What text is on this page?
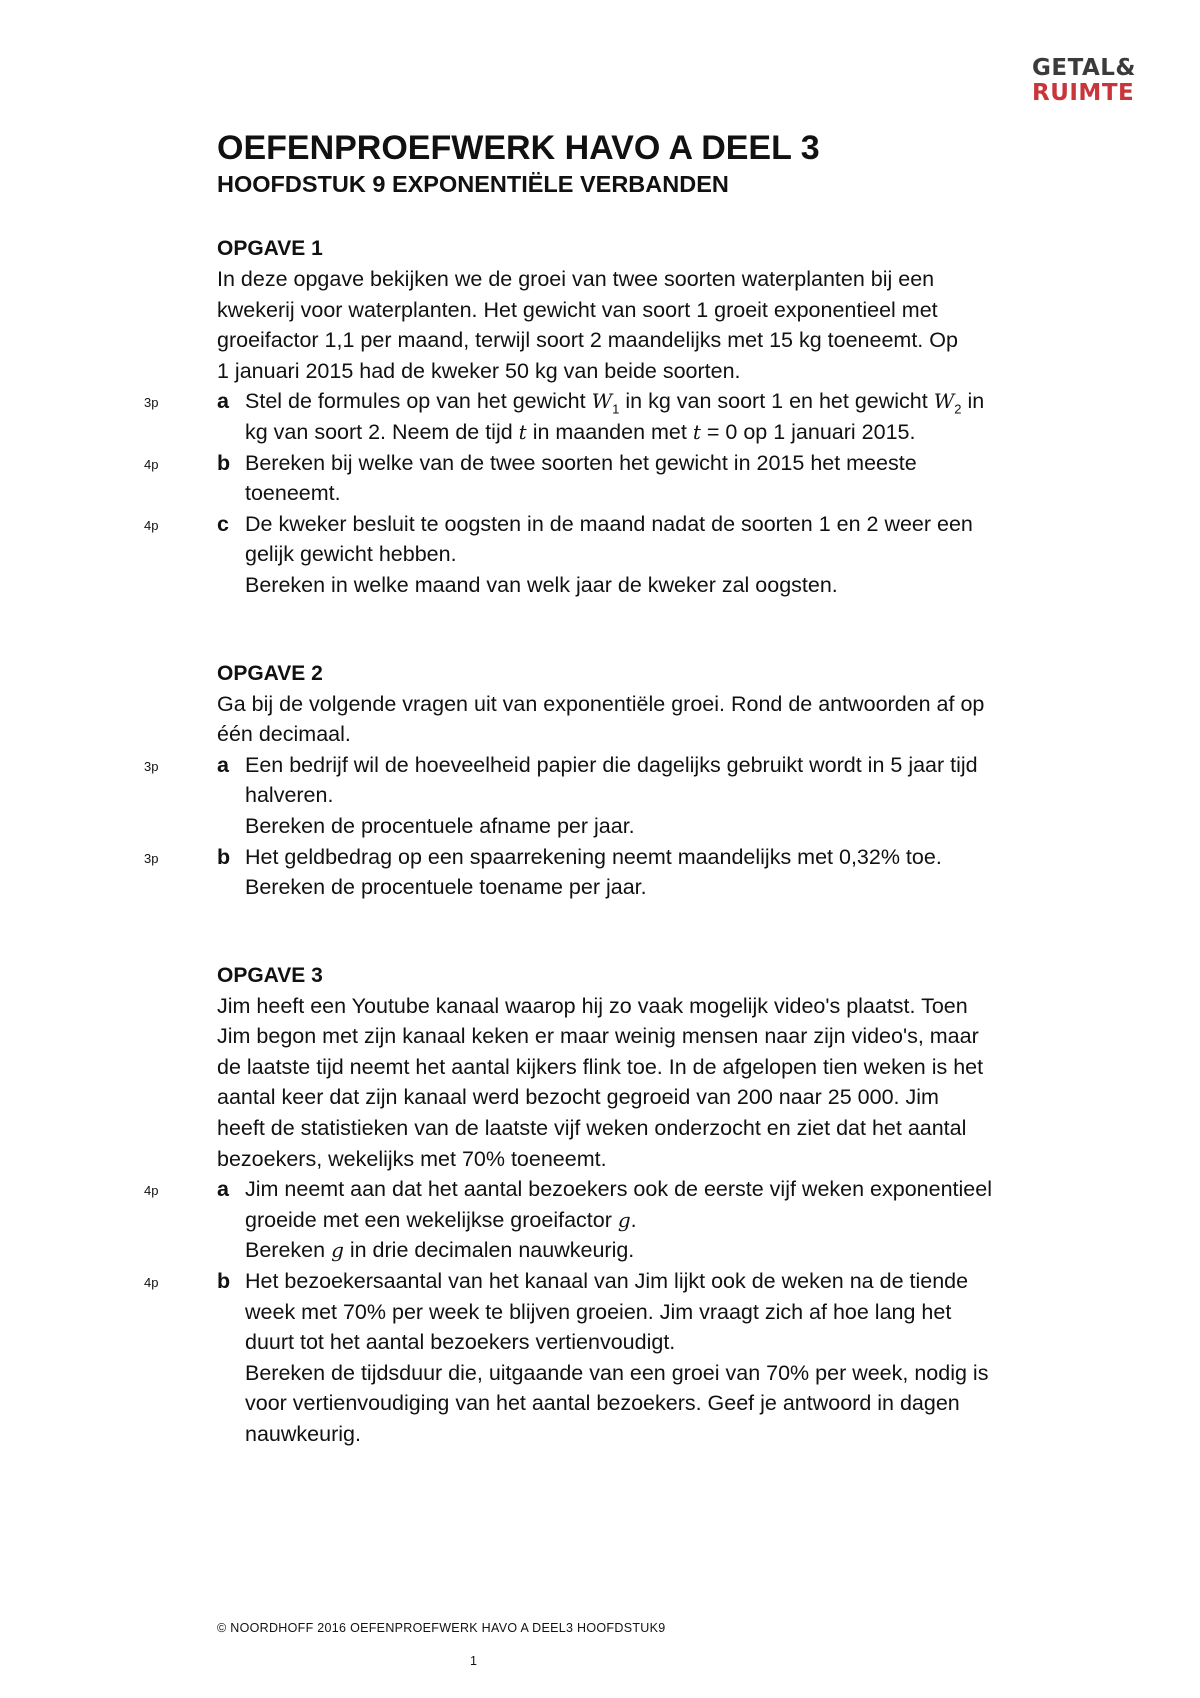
GETAL&
RUIMTE
OEFENPROEFWERK HAVO A DEEL 3
HOOFDSTUK 9 EXPONENTIËLE VERBANDEN
OPGAVE 1

In deze opgave bekijken we de groei van twee soorten waterplanten bij een

kwekerij voor waterplanten. Het gewicht van soort 1 groeit exponentieel met

groeifactor 1,1 per maand, terwijl soort 2 maandelijks met 15 kg toeneemt. Op

1 januari 2015 had de kweker 50 kg van beide soorten.

3p	a Stel de formules op van het gewicht $W_1$ in kg van soort 1 en het gewicht $W_2$ in
kg van soort 2. Neem de tijd t in maanden met t = 0 op 1 januari 2015.
4p	b Bereken bij welke van de twee soorten het gewicht in 2015 het meeste
toeneemt.
4p	c De kweker besluit te oogsten in de maand nadat de soorten 1 en 2 weer een
gelijk gewicht hebben.
Bereken in welke maand van welk jaar de kweker zal oogsten.
OPGAVE 2

Ga bij de volgende vragen uit van exponentiële groei. Rond de antwoorden af op

één decimaal.

3p	a Een bedrijf wil de hoeveelheid papier die dagelijks gebruikt wordt in 5 jaar tijd
halveren.
Bereken de procentuele afname per jaar.
3p	b Het geldbedrag op een spaarrekening neemt maandelijks met 0,32% toe.
Bereken de procentuele toename per jaar.
OPGAVE 3

Jim heeft een Youtube kanaal waarop hij zo vaak mogelijk video's plaatst. Toen

Jim begon met zijn kanaal keken er maar weinig mensen naar zijn video's, maar

de laatste tijd neemt het aantal kijkers flink toe. In de afgelopen tien weken is het

aantal keer dat zijn kanaal werd bezocht gegroeid van 200 naar 25 000. Jim

heeft de statistieken van de laatste vijf weken onderzocht en ziet dat het aantal

bezoekers, wekelijks met 70% toeneemt.

4p	a Jim neemt aan dat het aantal bezoekers ook de eerste vijf weken exponentieel
groeide met een wekelijkse groeifactor g.
Bereken g in drie decimalen nauwkeurig.
4p	b Het bezoekersaantal van het kanaal van Jim lijkt ook de weken na de tiende
week met 70% per week te blijven groeien. Jim vraagt zich af hoe lang het
duurt tot het aantal bezoekers vertienvoudigt.
Bereken de tijdsduur die, uitgaande van een groei van 70% per week, nodig is
voor vertienvoudiging van het aantal bezoekers. Geef je antwoord in dagen
nauwkeurig.
© NOORDHOFF 2016 OEFENPROEFWERK HAVO A DEEL3 HOOFDSTUK9
1
